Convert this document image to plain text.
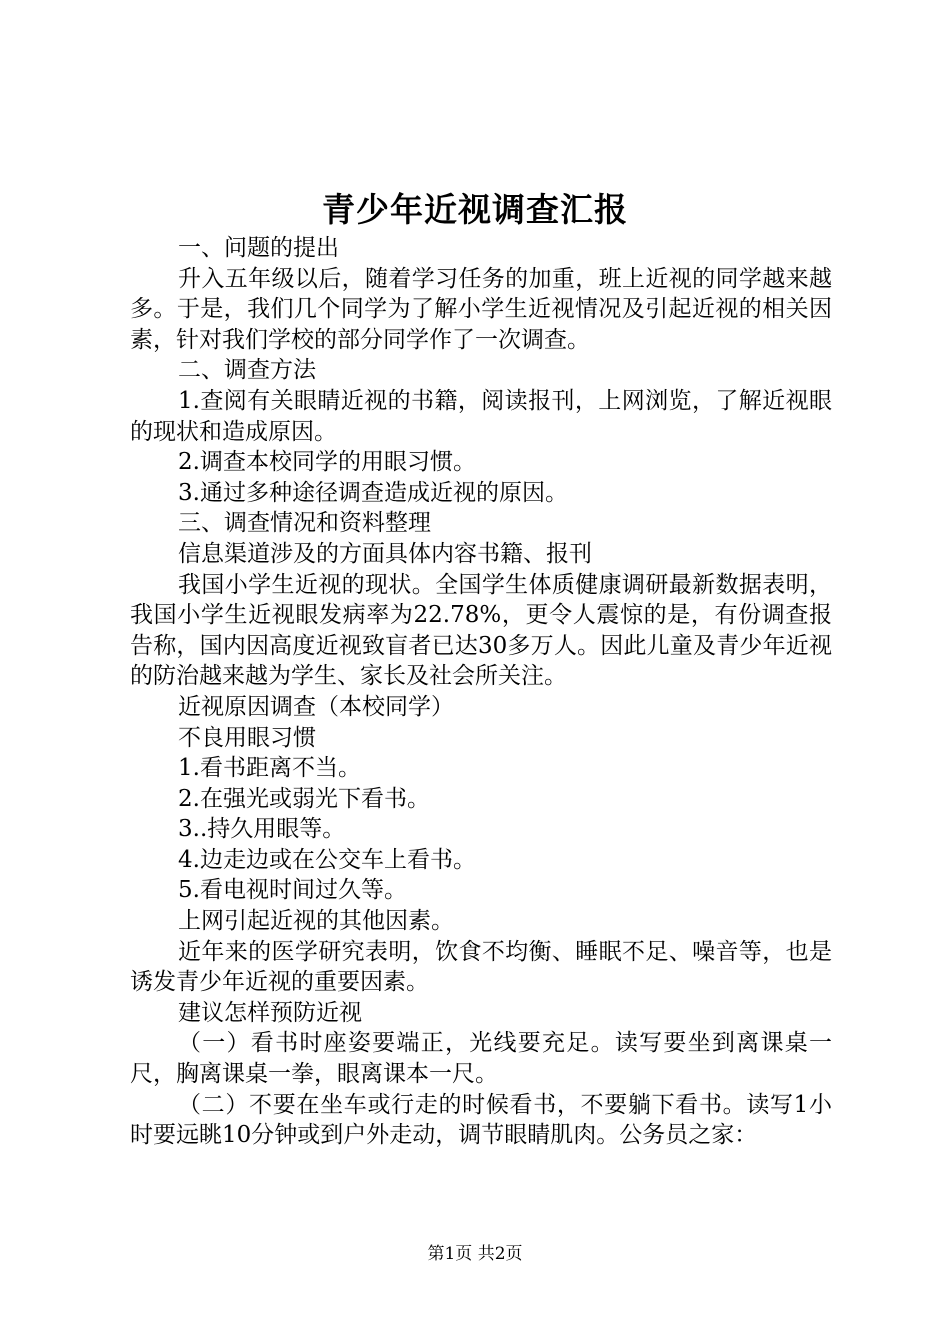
青少年近视调查汇报

一、问题的提出

升入五年级以后，随着学习任务的加重，班上近视的同学越来越多。于是，我们几个同学为了解小学生近视情况及引起近视的相关因素，针对我们学校的部分同学作了一次调查。

二、调查方法

1.查阅有关眼睛近视的书籍，阅读报刊，上网浏览，了解近视眼的现状和造成原因。

2.调查本校同学的用眼习惯。

3.通过多种途径调查造成近视的原因。

三、调查情况和资料整理

信息渠道涉及的方面具体内容书籍、报刊

我国小学生近视的现状。全国学生体质健康调研最新数据表明，我国小学生近视眼发病率为22.78%，更令人震惊的是，有份调查报告称，国内因高度近视致盲者已达30多万人。因此儿童及青少年近视的防治越来越为学生、家长及社会所关注。

近视原因调查（本校同学）

不良用眼习惯

1.看书距离不当。

2.在强光或弱光下看书。

3..持久用眼等。

4.边走边或在公交车上看书。

5.看电视时间过久等。

上网引起近视的其他因素。

近年来的医学研究表明，饮食不均衡、睡眠不足、噪音等，也是诱发青少年近视的重要因素。

建议怎样预防近视

（一）看书时座姿要端正，光线要充足。读写要坐到离课桌一尺，胸离课桌一拳，眼离课本一尺。

（二）不要在坐车或行走的时候看书，不要躺下看书。读写1小时要远眺10分钟或到户外走动，调节眼睛肌肉。公务员之家：

第1页 共2页
